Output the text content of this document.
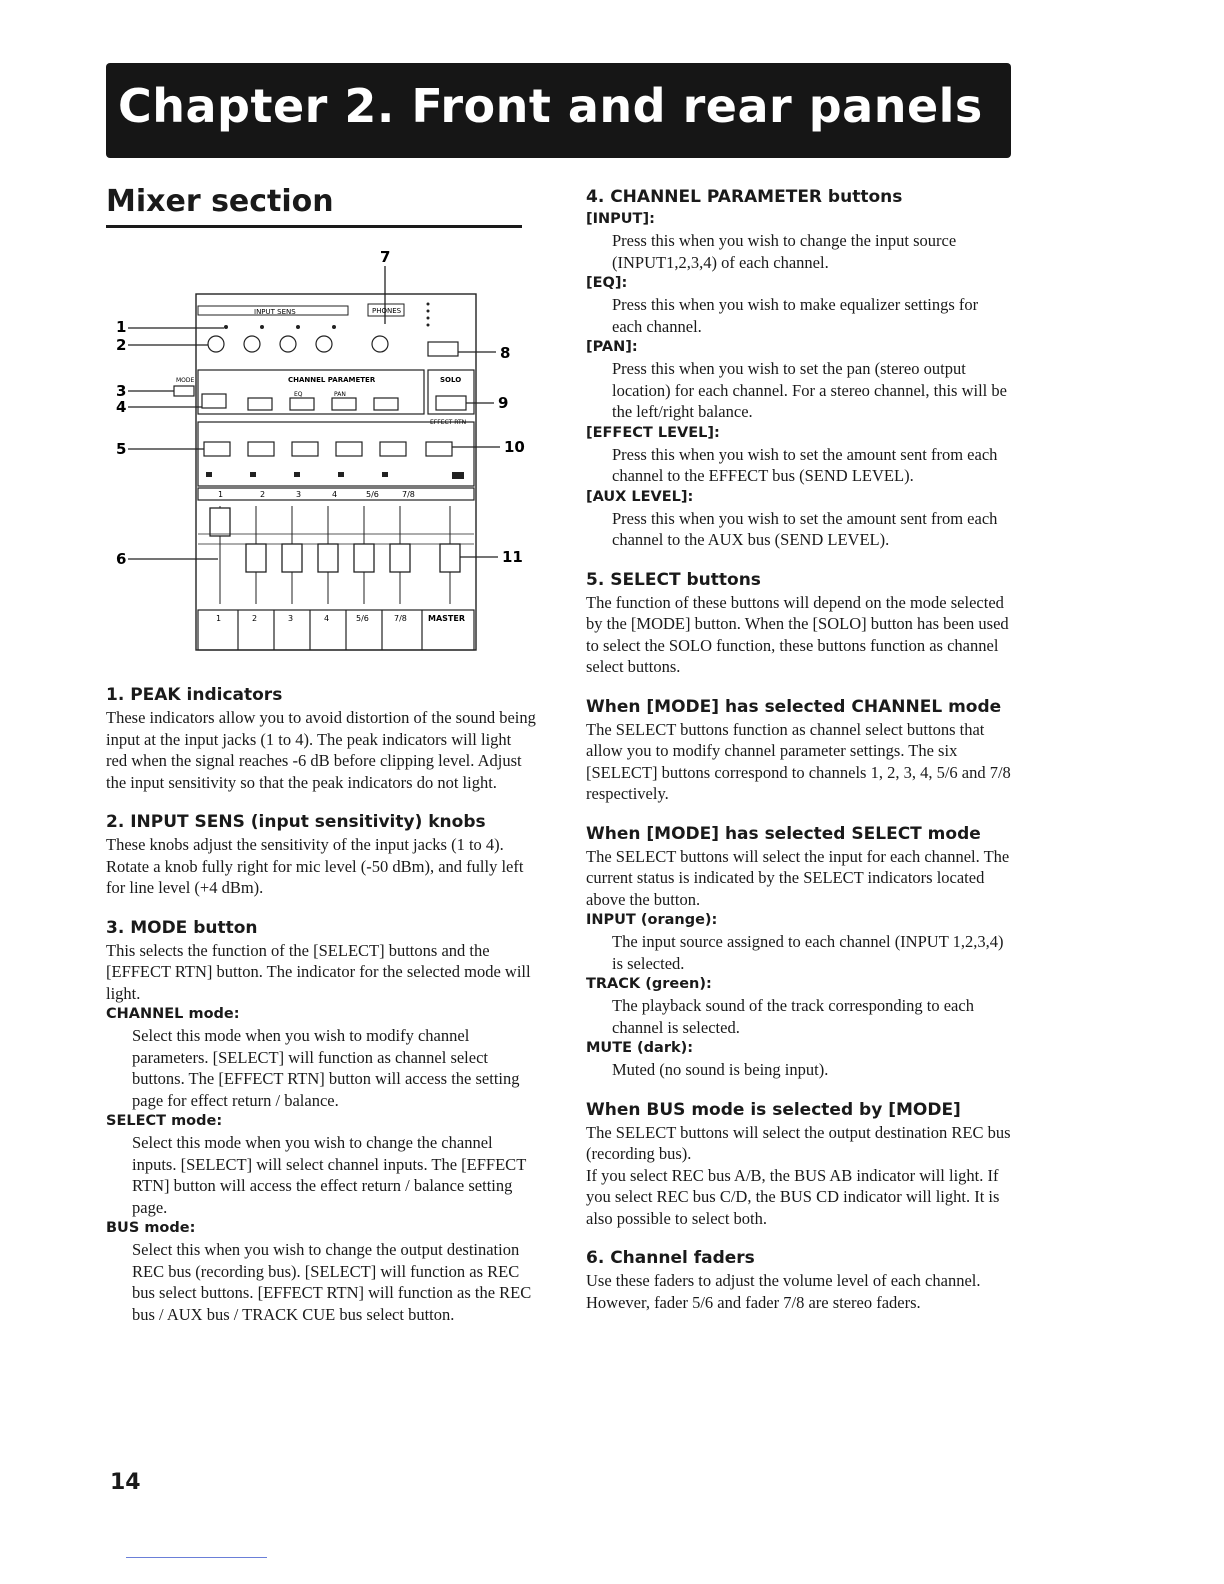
Chapter 2. Front and rear panels
Mixer section
7
INPUT SENS	PHONES
1
2	8
CHANNEL PARAMETER
MODE
EQ	PAN
SOLO
3
4	9
EFFECT RTN
5	10
1	2	3	4	5/6	7/8
6	11
1	2	3	4	5/6	7/8	MASTER

1. PEAK indicators

These indicators allow you to avoid distortion of the sound being input at the input jacks (1 to 4). The peak indicators will light red when the signal reaches -6 dB before clipping level. Adjust the input sensitivity so that the peak indicators do not light.

2. INPUT SENS (input sensitivity) knobs

These knobs adjust the sensitivity of the input jacks (1 to 4). Rotate a knob fully right for mic level (-50 dBm), and fully left for line level (+4 dBm).

3. MODE button

This selects the function of the [SELECT] buttons and the [EFFECT RTN] button. The indicator for the selected mode will light.

CHANNEL mode:

Select this mode when you wish to modify channel parameters. [SELECT] will function as channel select buttons. The [EFFECT RTN] button will access the setting page for effect return / balance.

SELECT mode:

Select this mode when you wish to change the channel inputs. [SELECT] will select channel inputs. The [EFFECT RTN] button will access the effect return / balance setting page.

BUS mode:

Select this when you wish to change the output destination REC bus (recording bus). [SELECT] will function as REC bus select buttons. [EFFECT RTN] will function as the REC bus / AUX bus / TRACK CUE bus select button.

4. CHANNEL PARAMETER buttons

[INPUT]:

Press this when you wish to change the input source (INPUT1,2,3,4) of each channel.

[EQ]:

Press this when you wish to make equalizer settings for each channel.

[PAN]:

Press this when you wish to set the pan (stereo output location) for each channel. For a stereo channel, this will be the left/right balance.

[EFFECT LEVEL]:

Press this when you wish to set the amount sent from each channel to the EFFECT bus (SEND LEVEL).

[AUX LEVEL]:

Press this when you wish to set the amount sent from each channel to the AUX bus (SEND LEVEL).

5. SELECT buttons

The function of these buttons will depend on the mode selected by the [MODE] button. When the [SOLO] button has been used to select the SOLO function, these buttons function as channel select buttons.

When [MODE] has selected CHANNEL mode

The SELECT buttons function as channel select buttons that allow you to modify channel parameter settings. The six [SELECT] buttons correspond to channels 1, 2, 3, 4, 5/6 and 7/8 respectively.

When [MODE] has selected SELECT mode

The SELECT buttons will select the input for each channel. The current status is indicated by the SELECT indicators located above the button.

INPUT (orange):

The input source assigned to each channel (INPUT 1,2,3,4) is selected.

TRACK (green):

The playback sound of the track corresponding to each channel is selected.

MUTE (dark):

Muted (no sound is being input).

When BUS mode is selected by [MODE]

The SELECT buttons will select the output destination REC bus (recording bus).

If you select REC bus A/B, the BUS AB indicator will light. If you select REC bus C/D, the BUS CD indicator will light. It is also possible to select both.

6. Channel faders

Use these faders to adjust the volume level of each channel.

However, fader 5/6 and fader 7/8 are stereo faders.

14
